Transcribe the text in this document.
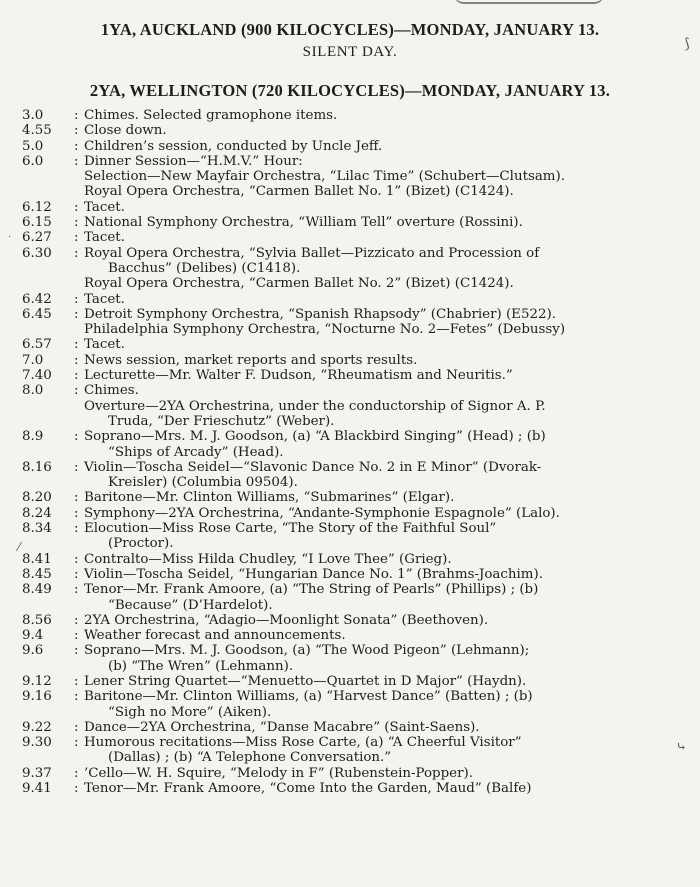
1YA, AUCKLAND (900 KILOCYCLES)—MONDAY, JANUARY 13.
SILENT DAY.
2YA, WELLINGTON (720 KILOCYCLES)—MONDAY, JANUARY 13.
3.0	: Chimes. Selected gramophone items.
4.55	: Close down.
5.0	: Children’s session, conducted by Uncle Jeff.
6.0	: Dinner Session—“H.M.V.” Hour:
Selection—New Mayfair Orchestra, “Lilac Time” (Schubert—Clutsam).
Royal Opera Orchestra, “Carmen Ballet No. 1” (Bizet) (C1424).
6.12	: Tacet.
6.15	: National Symphony Orchestra, “William Tell” overture (Rossini).
6.27	: Tacet.
6.30	: Royal Opera Orchestra, “Sylvia Ballet—Pizzicato and Procession of
Bacchus” (Delibes) (C1418).
Royal Opera Orchestra, “Carmen Ballet No. 2” (Bizet) (C1424).
6.42	: Tacet.
6.45	: Detroit Symphony Orchestra, “Spanish Rhapsody” (Chabrier) (E522).
Philadelphia Symphony Orchestra, “Nocturne No. 2—Fetes” (Debussy)
6.57	: Tacet.
7.0	: News session, market reports and sports results.
7.40	: Lecturette—Mr. Walter F. Dudson, “Rheumatism and Neuritis.”
8.0	: Chimes.
Overture—2YA Orchestrina, under the conductorship of Signor A. P.
Truda, “Der Frieschutz” (Weber).
8.9	: Soprano—Mrs. M. J. Goodson, (a) “A Blackbird Singing” (Head) ; (b)
“Ships of Arcady” (Head).
8.16	: Violin—Toscha Seidel—“Slavonic Dance No. 2 in E Minor” (Dvorak-
Kreisler) (Columbia 09504).
8.20	: Baritone—Mr. Clinton Williams, “Submarines” (Elgar).
8.24	: Symphony—2YA Orchestrina, “Andante-Symphonie Espagnole” (Lalo).
8.34	: Elocution—Miss Rose Carte, “The Story of the Faithful Soul”
(Proctor).
8.41	: Contralto—Miss Hilda Chudley, “I Love Thee” (Grieg).
8.45	: Violin—Toscha Seidel, “Hungarian Dance No. 1” (Brahms-Joachim).
8.49	: Tenor—Mr. Frank Amoore, (a) “The String of Pearls” (Phillips) ; (b)
“Because” (D’Hardelot).
8.56	: 2YA Orchestrina, “Adagio—Moonlight Sonata” (Beethoven).
9.4	: Weather forecast and announcements.
9.6	: Soprano—Mrs. M. J. Goodson, (a) “The Wood Pigeon” (Lehmann);
(b) “The Wren” (Lehmann).
9.12	: Lener String Quartet—“Menuetto—Quartet in D Major” (Haydn).
9.16	: Baritone—Mr. Clinton Williams, (a) “Harvest Dance” (Batten) ; (b)
“Sigh no More” (Aiken).
9.22	: Dance—2YA Orchestrina, “Danse Macabre” (Saint-Saens).
9.30	: Humorous recitations—Miss Rose Carte, (a) “A Cheerful Visitor”
(Dallas) ; (b) “A Telephone Conversation.”
9.37	: ’Cello—W. H. Squire, “Melody in F” (Rubenstein-Popper).
9.41	: Tenor—Mr. Frank Amoore, “Come Into the Garden, Maud” (Balfe)
⟆
·
⁄
⤷
